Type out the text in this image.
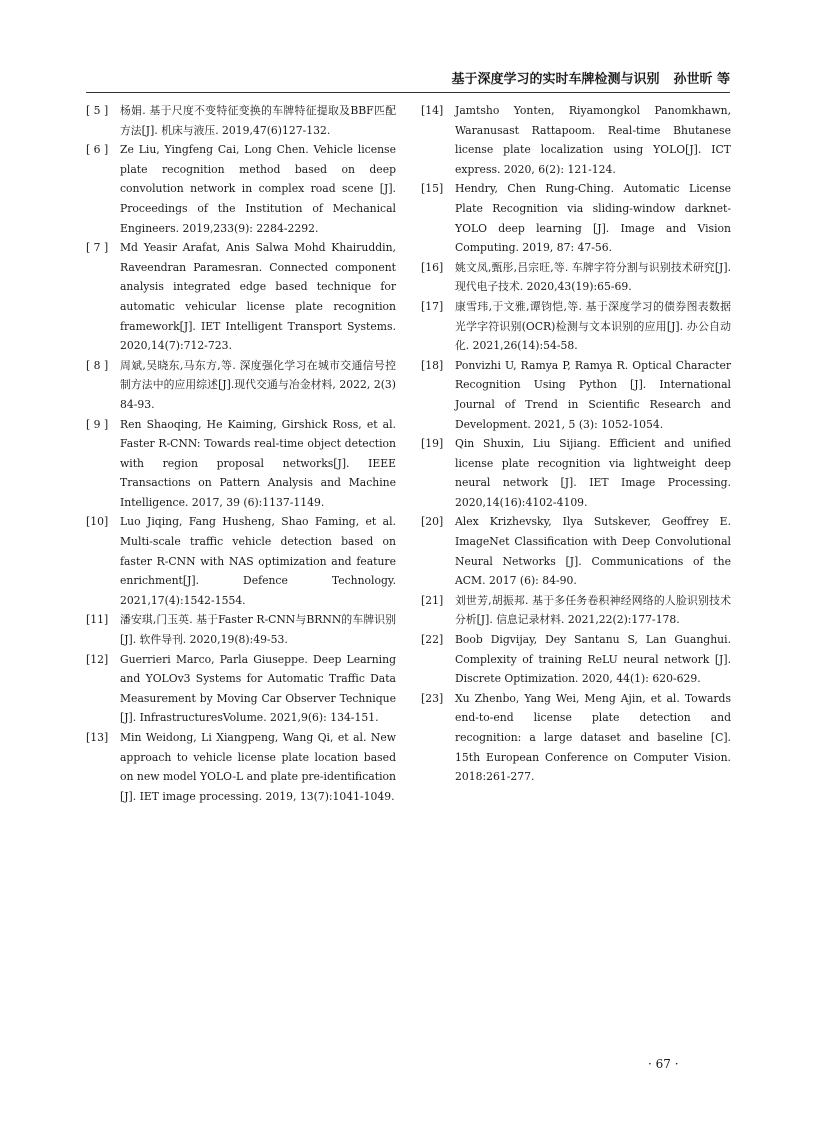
基于深度学习的实时车牌检测与识别 孙世昕 等
[ 5 ]	杨娟. 基于尺度不变特征变换的车牌特征提取及BBF匹配方法[J]. 机床与液压. 2019,47(6)127-132.
[ 6 ]	Ze Liu, Yingfeng Cai, Long Chen. Vehicle license plate recognition method based on deep convolution network in complex road scene [J]. Proceedings of the Institution of Mechanical Engineers. 2019,233(9): 2284-2292.
[ 7 ]	Md Yeasir Arafat, Anis Salwa Mohd Khairuddin, Raveendran Paramesran. Connected component analysis integrated edge based technique for automatic vehicular license plate recognition framework[J]. IET Intelligent Transport Systems. 2020,14(7):712-723.
[ 8 ]	周斌,吴晓东,马东方,等. 深度强化学习在城市交通信号控制方法中的应用综述[J].现代交通与冶金材料, 2022, 2(3) 84-93.
[ 9 ]	Ren Shaoqing, He Kaiming, Girshick Ross, et al. Faster R-CNN: Towards real-time object detection with region proposal networks[J]. IEEE Transactions on Pattern Analysis and Machine Intelligence. 2017, 39 (6):1137-1149.
[10]	Luo Jiqing, Fang Husheng, Shao Faming, et al. Multi-scale traffic vehicle detection based on faster R-CNN with NAS optimization and feature enrichment[J]. Defence Technology. 2021,17(4):1542-1554.
[11]	潘安琪,门玉英. 基于Faster R-CNN与BRNN的车牌识别[J]. 软件导刊. 2020,19(8):49-53.
[12]	Guerrieri Marco, Parla Giuseppe. Deep Learning and YOLOv3 Systems for Automatic Traffic Data Measurement by Moving Car Observer Technique [J]. InfrastructuresVolume. 2021,9(6): 134-151.
[13]	Min Weidong, Li Xiangpeng, Wang Qi, et al. New approach to vehicle license plate location based on new model YOLO-L and plate pre-identification [J]. IET image processing. 2019, 13(7):1041-1049.
[14]	Jamtsho Yonten, Riyamongkol Panomkhawn, Waranusast Rattapoom. Real-time Bhutanese license plate localization using YOLO[J]. ICT express. 2020, 6(2): 121-124.
[15]	Hendry, Chen Rung-Ching. Automatic License Plate Recognition via sliding-window darknet-YOLO deep learning [J]. Image and Vision Computing. 2019, 87: 47-56.
[16]	姚文凤,甄彤,吕宗旺,等. 车牌字符分割与识别技术研究[J]. 现代电子技术. 2020,43(19):65-69.
[17]	康雪玮,于文雅,谭钧恺,等. 基于深度学习的债券图表数据光学字符识别(OCR)检测与文本识别的应用[J]. 办公自动化. 2021,26(14):54-58.
[18]	Ponvizhi U, Ramya P, Ramya R. Optical Character Recognition Using Python [J]. International Journal of Trend in Scientific Research and Development. 2021, 5 (3): 1052-1054.
[19]	Qin Shuxin, Liu Sijiang. Efficient and unified license plate recognition via lightweight deep neural network [J]. IET Image Processing. 2020,14(16):4102-4109.
[20]	Alex Krizhevsky, Ilya Sutskever, Geoffrey E. ImageNet Classification with Deep Convolutional Neural Networks [J]. Communications of the ACM. 2017 (6): 84-90.
[21]	刘世芳,胡振邦. 基于多任务卷积神经网络的人脸识别技术分析[J]. 信息记录材料. 2021,22(2):177-178.
[22]	Boob Digvijay, Dey Santanu S, Lan Guanghui. Complexity of training ReLU neural network [J]. Discrete Optimization. 2020, 44(1): 620-629.
[23]	Xu Zhenbo, Yang Wei, Meng Ajin, et al. Towards end-to-end license plate detection and recognition: a large dataset and baseline [C]. 15th European Conference on Computer Vision. 2018:261-277.
· 67 ·
